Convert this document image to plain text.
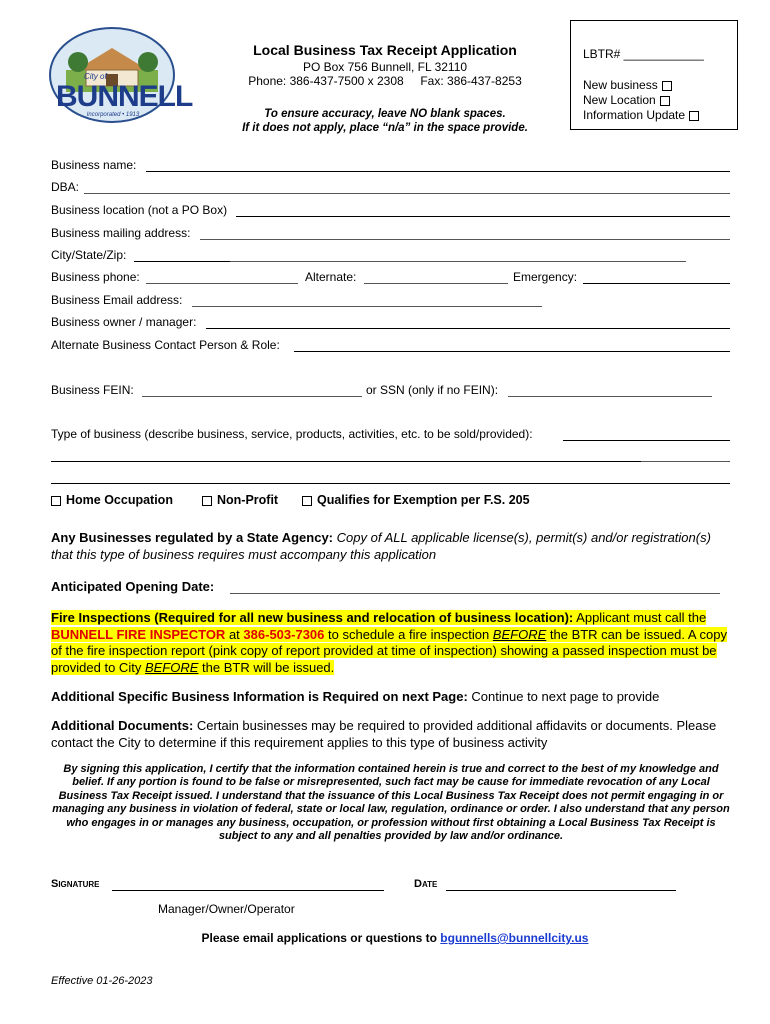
City of
BUNNELL
Incorporated • 1913
Local Business Tax Receipt Application
PO Box 756 Bunnell, FL 32110
Phone: 386-437-7500 x 2308     Fax: 386-437-8253
To ensure accuracy, leave NO blank spaces.
If it does not apply, place “n/a” in the space provide.
LBTR# ____________
New business
New Location
Information Update
Business name:
DBA:
Business location (not a PO Box)
Business mailing address:
City/State/Zip:
Business phone:	Alternate:	Emergency:
Business Email address:
Business owner / manager:
Alternate Business Contact Person & Role:
Business FEIN:	or SSN (only if no FEIN):
Type of business (describe business, service, products, activities, etc. to be sold/provided):
Home Occupation	Non-Profit	Qualifies for Exemption per F.S. 205
Any Businesses regulated by a State Agency: Copy of ALL applicable license(s), permit(s) and/or registration(s) that this type of business requires must accompany this application
Anticipated Opening Date:
Fire Inspections (Required for all new business and relocation of business location): Applicant must call the BUNNELL FIRE INSPECTOR at 386-503-7306 to schedule a fire inspection BEFORE the BTR can be issued. A copy of the fire inspection report (pink copy of report provided at time of inspection) showing a passed inspection must be provided to City BEFORE the BTR will be issued.
Additional Specific Business Information is Required on next Page: Continue to next page to provide
Additional Documents: Certain businesses may be required to provided additional affidavits or documents. Please contact the City to determine if this requirement applies to this type of business activity
By signing this application, I certify that the information contained herein is true and correct to the best of my knowledge and belief. If any portion is found to be false or misrepresented, such fact may be cause for immediate revocation of any Local Business Tax Receipt issued. I understand that the issuance of this Local Business Tax Receipt does not permit engaging in or managing any business in violation of federal, state or local law, regulation, ordinance or order. I also understand that any person who engages in or manages any business, occupation, or profession without first obtaining a Local Business Tax Receipt is subject to any and all penalties provided by law and/or ordinance.
Signature	Date
Manager/Owner/Operator
Please email applications or questions to bgunnells@bunnellcity.us
Effective 01-26-2023
